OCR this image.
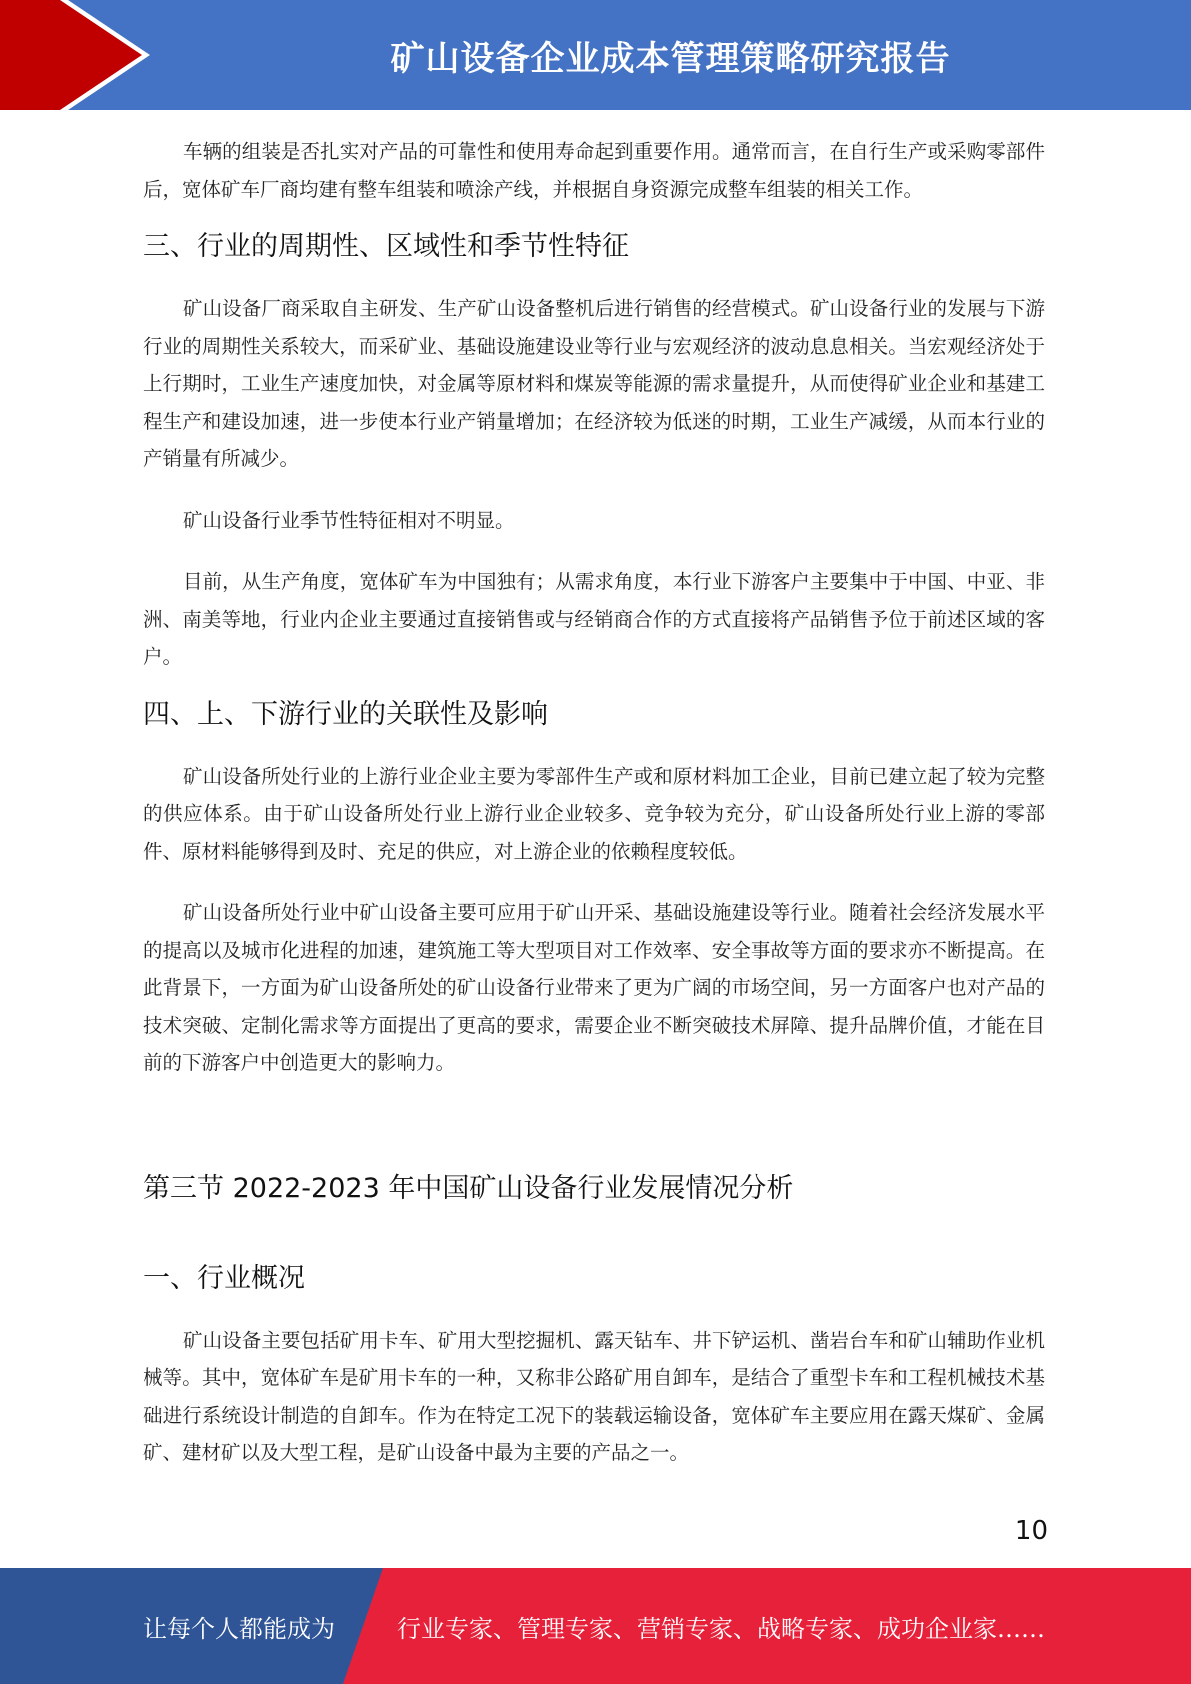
矿山设备企业成本管理策略研究报告

车辆的组装是否扎实对产品的可靠性和使用寿命起到重要作用。通常而言，在自行生产或采购零部件后，宽体矿车厂商均建有整车组装和喷涂产线，并根据自身资源完成整车组装的相关工作。

三、行业的周期性、区域性和季节性特征

矿山设备厂商采取自主研发、生产矿山设备整机后进行销售的经营模式。矿山设备行业的发展与下游行业的周期性关系较大，而采矿业、基础设施建设业等行业与宏观经济的波动息息相关。当宏观经济处于上行期时，工业生产速度加快，对金属等原材料和煤炭等能源的需求量提升，从而使得矿业企业和基建工程生产和建设加速，进一步使本行业产销量增加；在经济较为低迷的时期，工业生产减缓，从而本行业的产销量有所减少。

矿山设备行业季节性特征相对不明显。

目前，从生产角度，宽体矿车为中国独有；从需求角度，本行业下游客户主要集中于中国、中亚、非洲、南美等地，行业内企业主要通过直接销售或与经销商合作的方式直接将产品销售予位于前述区域的客户。

四、上、下游行业的关联性及影响

矿山设备所处行业的上游行业企业主要为零部件生产或和原材料加工企业，目前已建立起了较为完整的供应体系。由于矿山设备所处行业上游行业企业较多、竞争较为充分，矿山设备所处行业上游的零部件、原材料能够得到及时、充足的供应，对上游企业的依赖程度较低。

矿山设备所处行业中矿山设备主要可应用于矿山开采、基础设施建设等行业。随着社会经济发展水平的提高以及城市化进程的加速，建筑施工等大型项目对工作效率、安全事故等方面的要求亦不断提高。在此背景下，一方面为矿山设备所处的矿山设备行业带来了更为广阔的市场空间，另一方面客户也对产品的技术突破、定制化需求等方面提出了更高的要求，需要企业不断突破技术屏障、提升品牌价值，才能在目前的下游客户中创造更大的影响力。

第三节 2022-2023 年中国矿山设备行业发展情况分析
一、行业概况

矿山设备主要包括矿用卡车、矿用大型挖掘机、露天钻车、井下铲运机、凿岩台车和矿山辅助作业机械等。其中，宽体矿车是矿用卡车的一种，又称非公路矿用自卸车，是结合了重型卡车和工程机械技术基础进行系统设计制造的自卸车。作为在特定工况下的装载运输设备，宽体矿车主要应用在露天煤矿、金属矿、建材矿以及大型工程，是矿山设备中最为主要的产品之一。

10
让每个人都能成为	行业专家、管理专家、营销专家、战略专家、成功企业家……
